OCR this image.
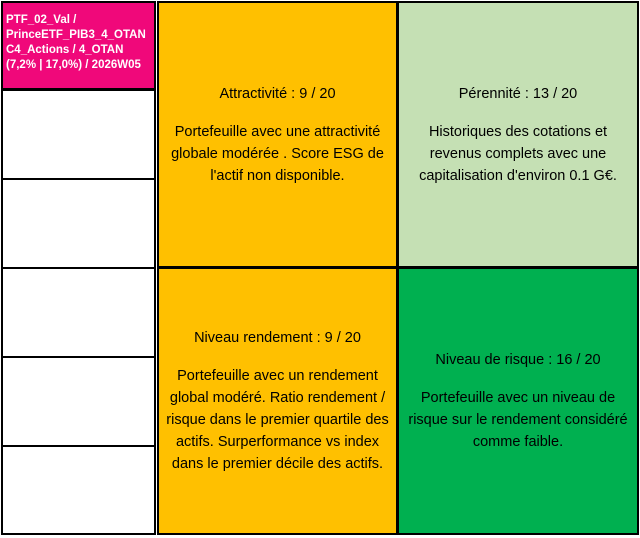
PTF_02_Val /
PrinceETF_PIB3_4_OTAN
C4_Actions / 4_OTAN
(7,2% | 17,0%) / 2026W05
Attractivité : 9 / 20
Portefeuille avec une attractivité globale modérée . Score ESG de l'actif non disponible.
Pérennité : 13 / 20
Historiques des cotations et revenus complets avec une capitalisation d'environ 0.1 G€.
Niveau rendement : 9 / 20
Portefeuille avec un rendement global modéré. Ratio rendement / risque dans le premier quartile des actifs. Surperformance vs index dans le premier décile des actifs.
Niveau de risque : 16 / 20
Portefeuille avec un niveau de risque sur le rendement considéré comme faible.
